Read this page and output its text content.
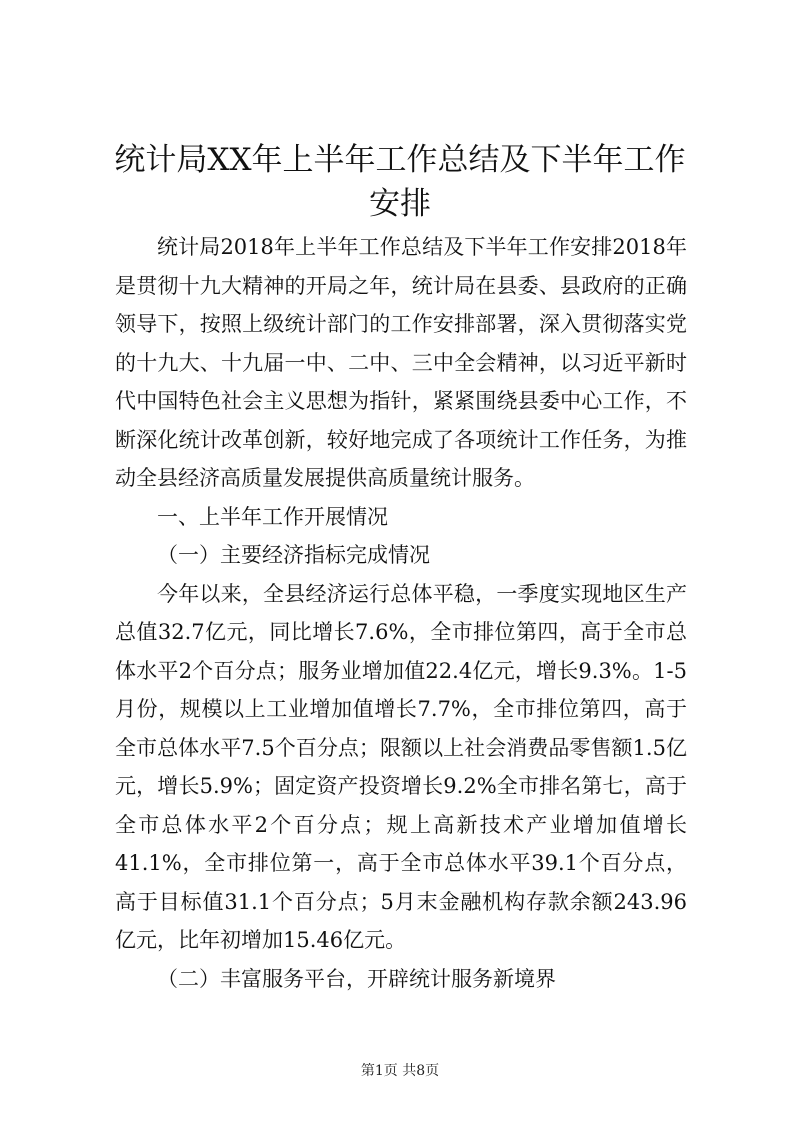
统计局XX年上半年工作总结及下半年工作安排

统计局2018年上半年工作总结及下半年工作安排2018年是贯彻十九大精神的开局之年，统计局在县委、县政府的正确领导下，按照上级统计部门的工作安排部署，深入贯彻落实党的十九大、十九届一中、二中、三中全会精神，以习近平新时代中国特色社会主义思想为指针，紧紧围绕县委中心工作，不断深化统计改革创新，较好地完成了各项统计工作任务，为推动全县经济高质量发展提供高质量统计服务。

一、上半年工作开展情况

（一）主要经济指标完成情况

今年以来，全县经济运行总体平稳，一季度实现地区生产总值32.7亿元，同比增长7.6%，全市排位第四，高于全市总体水平2个百分点；服务业增加值22.4亿元，增长9.3%。1-5月份，规模以上工业增加值增长7.7%，全市排位第四，高于全市总体水平7.5个百分点；限额以上社会消费品零售额1.5亿元，增长5.9%；固定资产投资增长9.2%全市排名第七，高于全市总体水平2个百分点；规上高新技术产业增加值增长41.1%，全市排位第一，高于全市总体水平39.1个百分点，高于目标值31.1个百分点；5月末金融机构存款余额243.96亿元，比年初增加15.46亿元。

（二）丰富服务平台，开辟统计服务新境界

第1页 共8页
